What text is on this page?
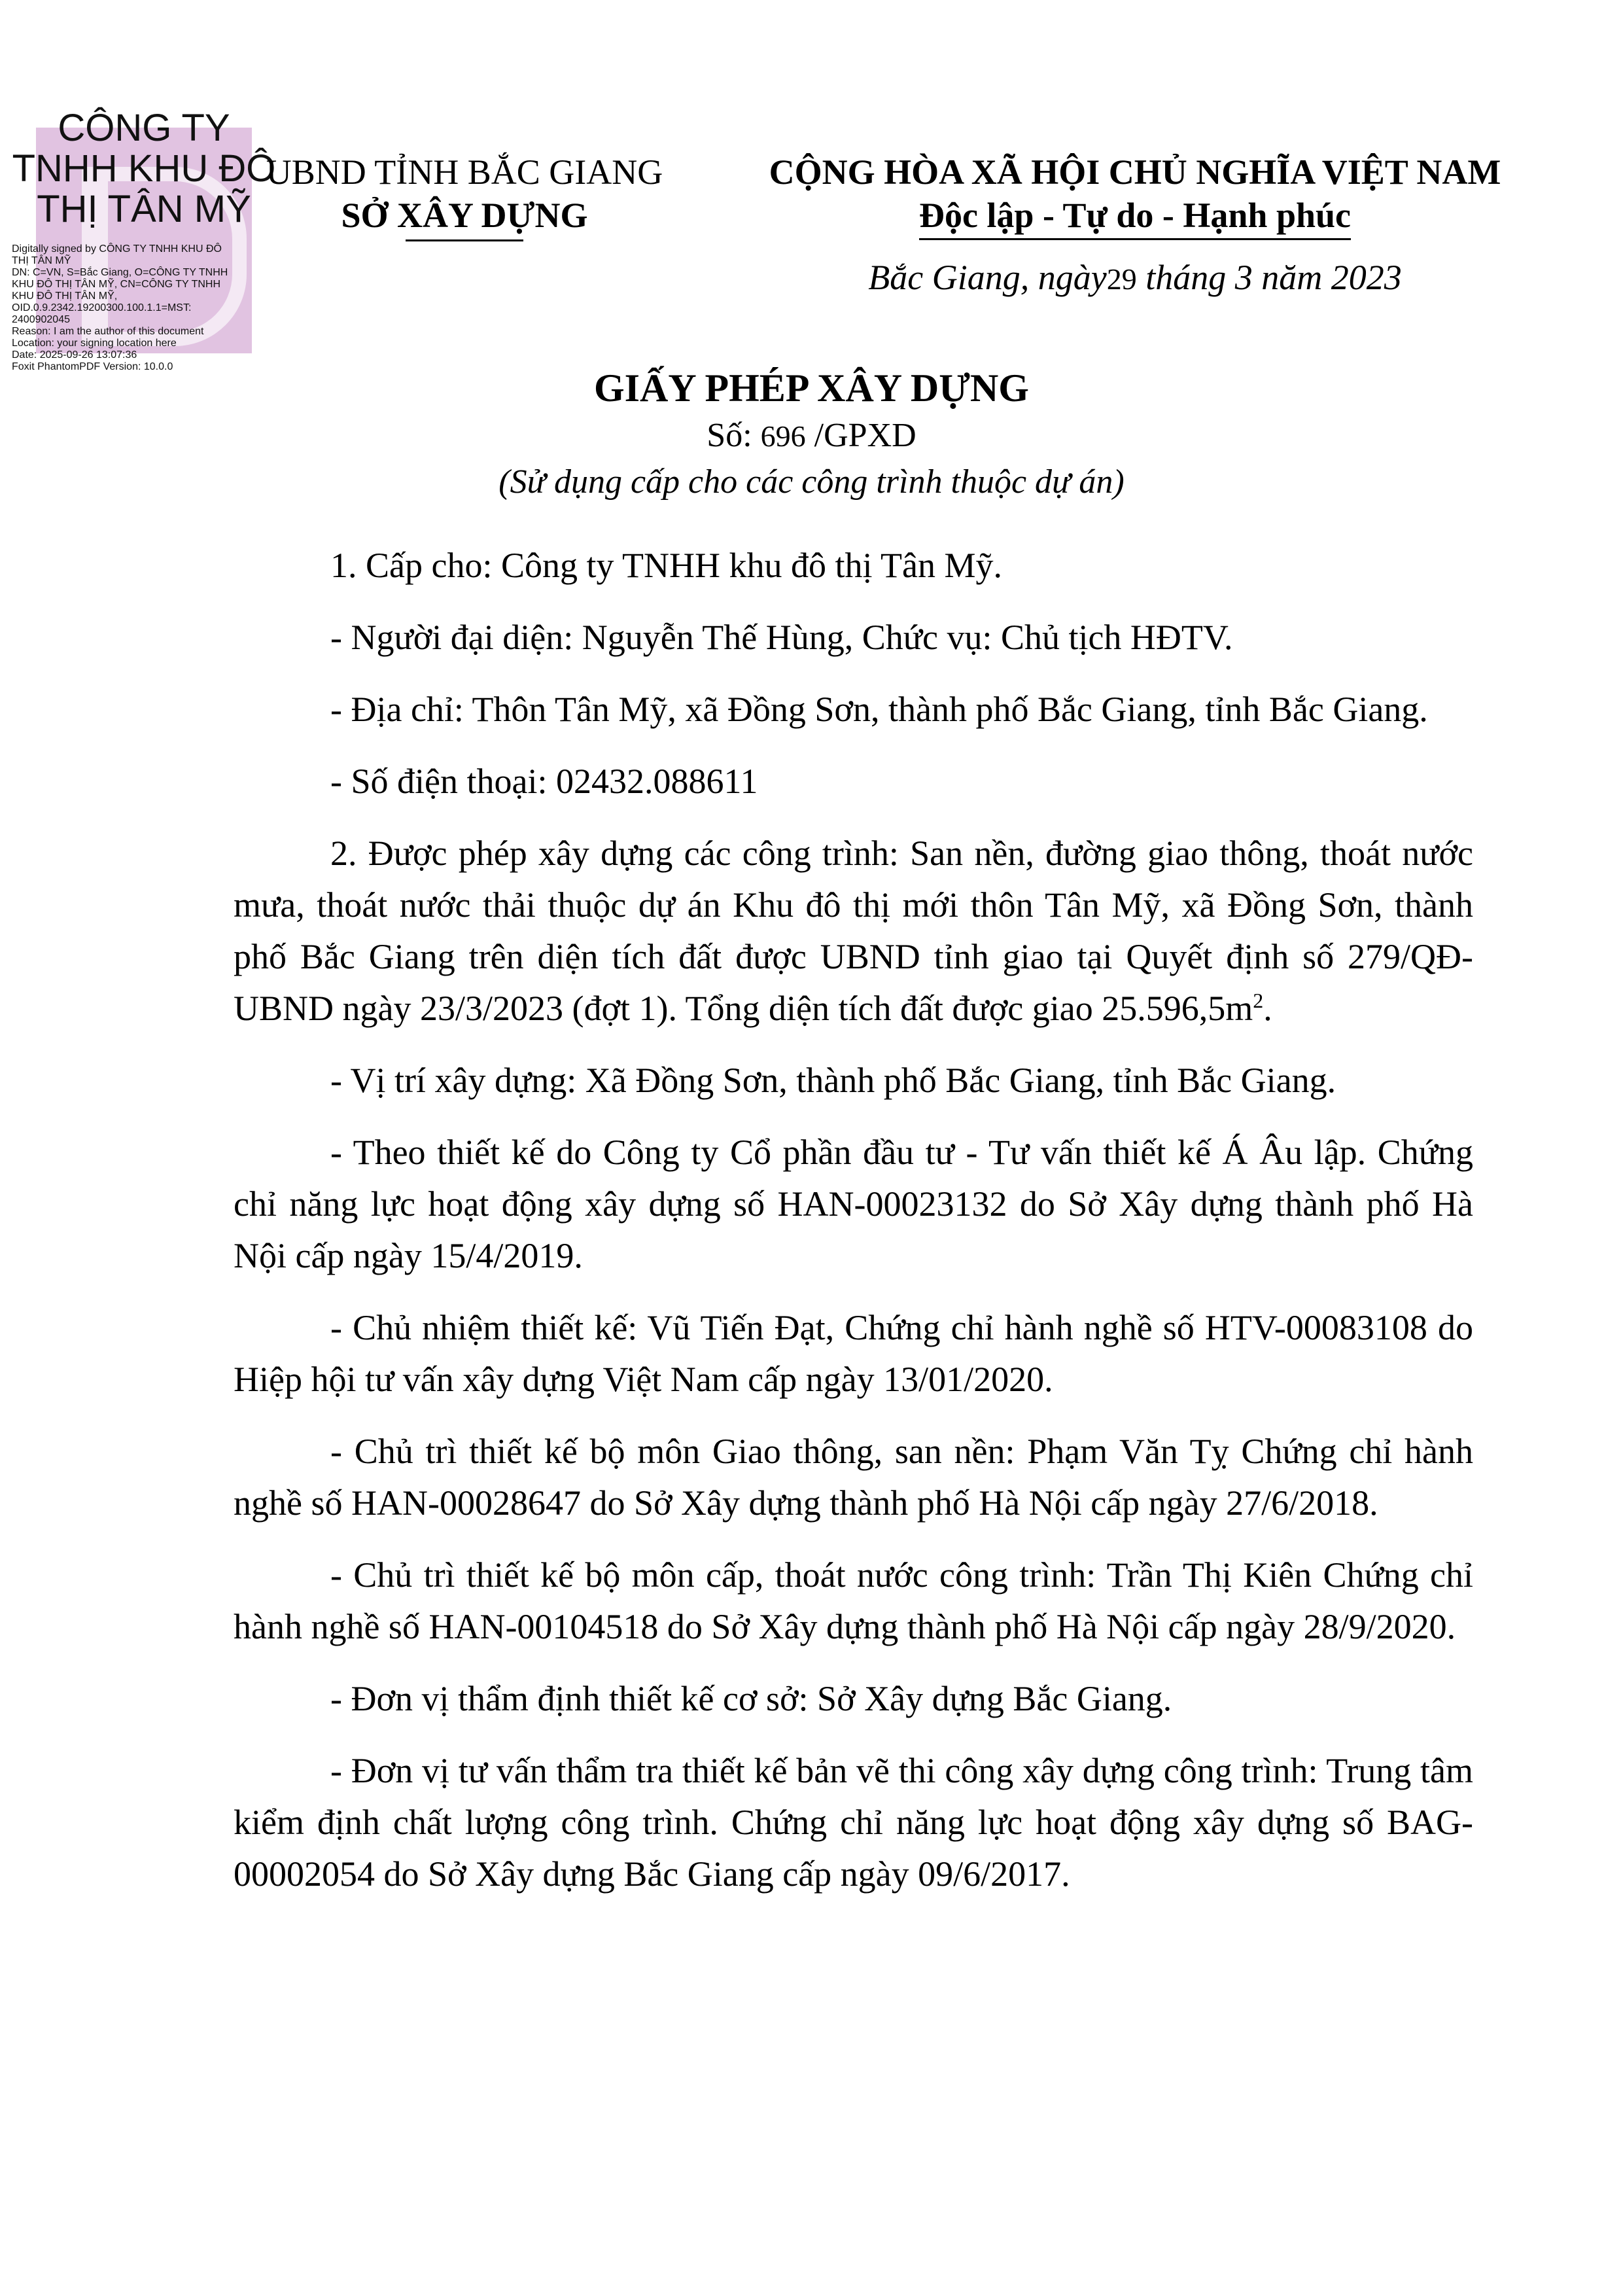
CÔNG TY TNHH KHU ĐÔ THỊ TÂN MỸ
Digitally signed by CÔNG TY TNHH KHU ĐÔ
THỊ TÂN MỸ
DN: C=VN, S=Bắc Giang, O=CÔNG TY TNHH
KHU ĐÔ THỊ TÂN MỸ, CN=CÔNG TY TNHH
KHU ĐÔ THỊ TÂN MỸ,
OID.0.9.2342.19200300.100.1.1=MST:
2400902045
Reason: I am the author of this document
Location: your signing location here
Date: 2025-09-26 13:07:36
Foxit PhantomPDF Version: 10.0.0
UBND TỈNH BẮC GIANG
SỞ XÂY DỰNG
CỘNG HÒA XÃ HỘI CHỦ NGHĨA VIỆT NAM
Độc lập - Tự do - Hạnh phúc
Bắc Giang, ngày29 tháng 3 năm 2023
GIẤY PHÉP XÂY DỰNG
Số: 696 /GPXD
(Sử dụng cấp cho các công trình thuộc dự án)

1. Cấp cho: Công ty TNHH khu đô thị Tân Mỹ.

- Người đại diện: Nguyễn Thế Hùng, Chức vụ: Chủ tịch HĐTV.

- Địa chỉ: Thôn Tân Mỹ, xã Đồng Sơn, thành phố Bắc Giang, tỉnh Bắc Giang.

- Số điện thoại: 02432.088611

2. Được phép xây dựng các công trình: San nền, đường giao thông, thoát nước mưa, thoát nước thải thuộc dự án Khu đô thị mới thôn Tân Mỹ, xã Đồng Sơn, thành phố Bắc Giang trên diện tích đất được UBND tỉnh giao tại Quyết định số 279/QĐ-UBND ngày 23/3/2023 (đợt 1). Tổng diện tích đất được giao $25.596,5m^2$.

- Vị trí xây dựng: Xã Đồng Sơn, thành phố Bắc Giang, tỉnh Bắc Giang.

- Theo thiết kế do Công ty Cổ phần đầu tư - Tư vấn thiết kế Á Âu lập. Chứng chỉ năng lực hoạt động xây dựng số HAN-00023132 do Sở Xây dựng thành phố Hà Nội cấp ngày 15/4/2019.

- Chủ nhiệm thiết kế: Vũ Tiến Đạt, Chứng chỉ hành nghề số HTV-00083108 do Hiệp hội tư vấn xây dựng Việt Nam cấp ngày 13/01/2020.

- Chủ trì thiết kế bộ môn Giao thông, san nền: Phạm Văn Tỵ Chứng chỉ hành nghề số HAN-00028647 do Sở Xây dựng thành phố Hà Nội cấp ngày 27/6/2018.

- Chủ trì thiết kế bộ môn cấp, thoát nước công trình: Trần Thị Kiên Chứng chỉ hành nghề số HAN-00104518 do Sở Xây dựng thành phố Hà Nội cấp ngày 28/9/2020.

- Đơn vị thẩm định thiết kế cơ sở: Sở Xây dựng Bắc Giang.

- Đơn vị tư vấn thẩm tra thiết kế bản vẽ thi công xây dựng công trình: Trung tâm kiểm định chất lượng công trình. Chứng chỉ năng lực hoạt động xây dựng số BAG-00002054 do Sở Xây dựng Bắc Giang cấp ngày 09/6/2017.
